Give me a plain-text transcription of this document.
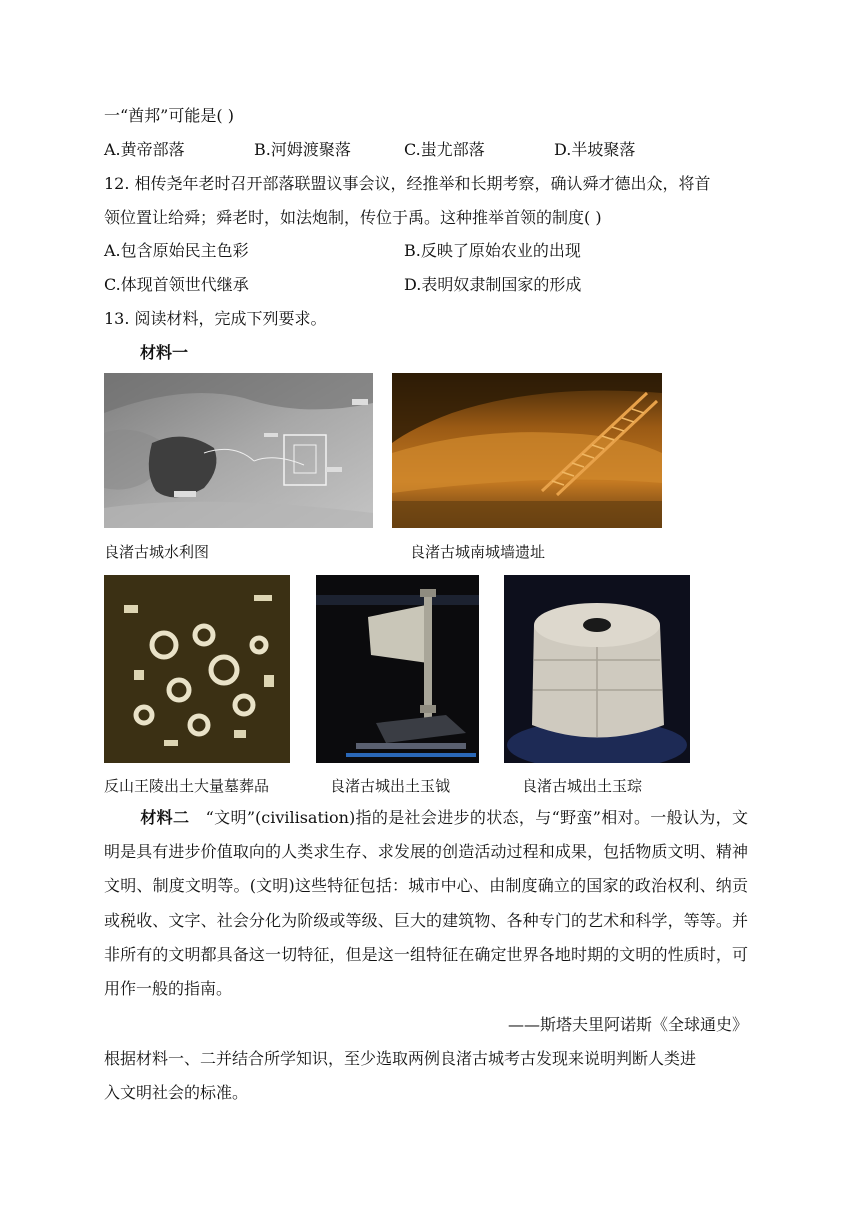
一“酋邦”可能是( )
A.黄帝部落	B.河姆渡聚落	C.蚩尤部落	D.半坡聚落
12. 相传尧年老时召开部落联盟议事会议，经推举和长期考察，确认舜才德出众，将首
领位置让给舜；舜老时，如法炮制，传位于禹。这种推举首领的制度( )
A.包含原始民主色彩	B.反映了原始农业的出现
C.体现首领世代继承	D.表明奴隶制国家的形成
13. 阅读材料，完成下列要求。
材料一
良渚古城水利图	良渚古城南城墙遗址
反山王陵出土大量墓葬品	良渚古城出土玉钺	良渚古城出土玉琮
材料二 “文明”(civilisation)指的是社会进步的状态，与“野蛮”相对。一般认为，文明是具有进步价值取向的人类求生存、求发展的创造活动过程和成果，包括物质文明、精神文明、制度文明等。(文明)这些特征包括：城市中心、由制度确立的国家的政治权利、纳贡或税收、文字、社会分化为阶级或等级、巨大的建筑物、各种专门的艺术和科学，等等。并非所有的文明都具备这一切特征，但是这一组特征在确定世界各地时期的文明的性质时，可用作一般的指南。
——斯塔夫里阿诺斯《全球通史》
根据材料一、二并结合所学知识，至少选取两例良渚古城考古发现来说明判断人类进
入文明社会的标准。
